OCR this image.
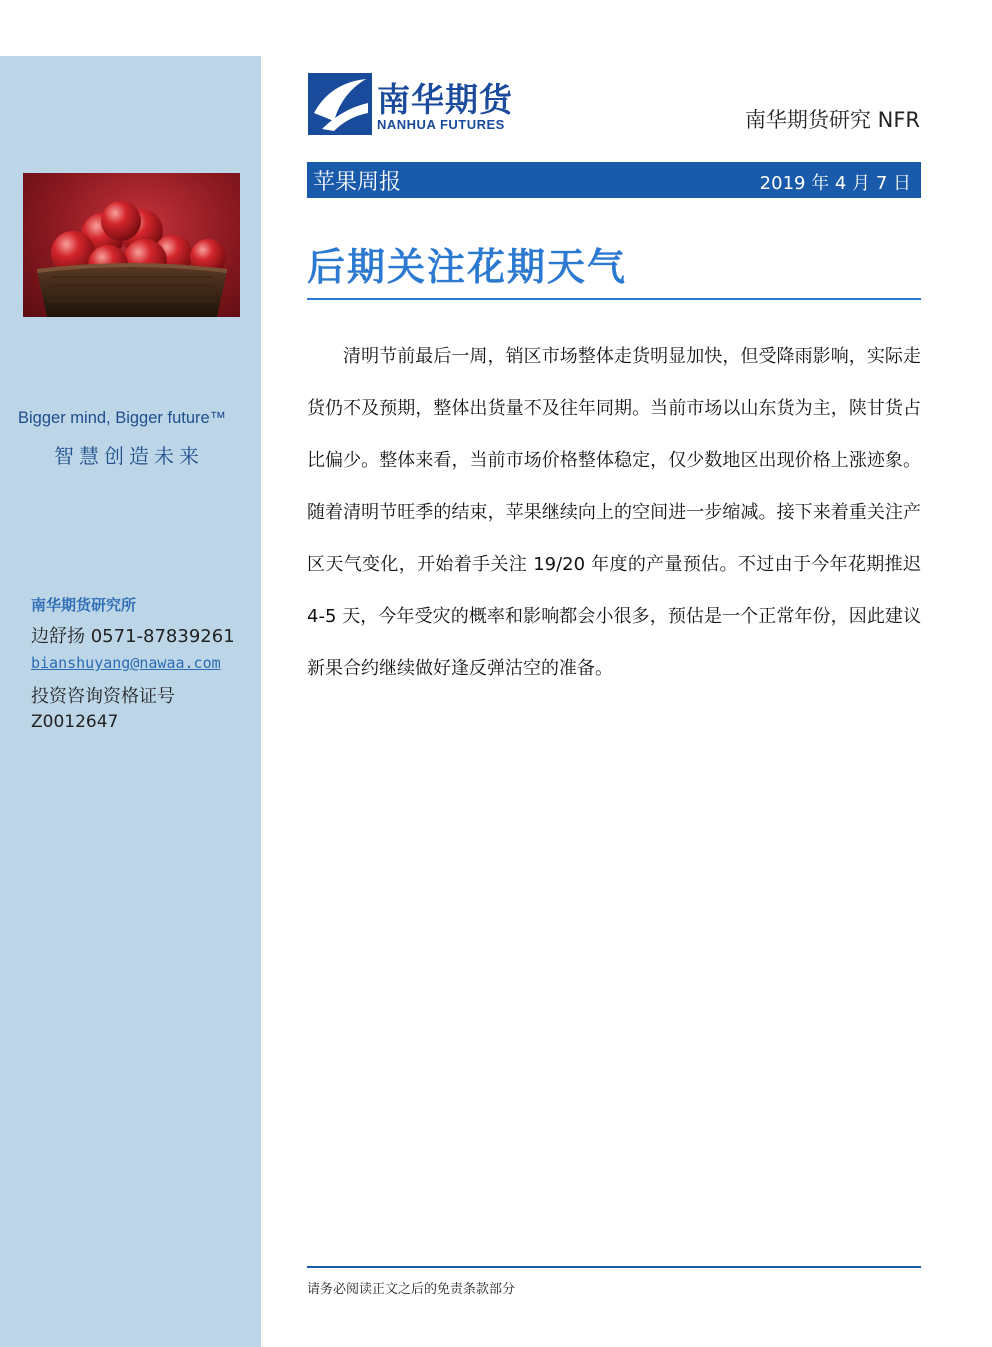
Bigger mind, Bigger future™
智慧创造未来
南华期货研究所
边舒扬 0571-87839261
bianshuyang@nawaa.com
投资咨询资格证号
Z0012647
南华期货
NANHUA FUTURES	南华期货研究 NFR
苹果周报	2019 年 4 月 7 日
后期关注花期天气

清明节前最后一周，销区市场整体走货明显加快，但受降雨影响，实际走货仍不及预期，整体出货量不及往年同期。当前市场以山东货为主，陕甘货占比偏少。整体来看，当前市场价格整体稳定，仅少数地区出现价格上涨迹象。随着清明节旺季的结束，苹果继续向上的空间进一步缩减。接下来着重关注产区天气变化，开始着手关注 19/20 年度的产量预估。不过由于今年花期推迟 4-5 天，今年受灾的概率和影响都会小很多，预估是一个正常年份，因此建议新果合约继续做好逢反弹沽空的准备。

请务必阅读正文之后的免责条款部分
